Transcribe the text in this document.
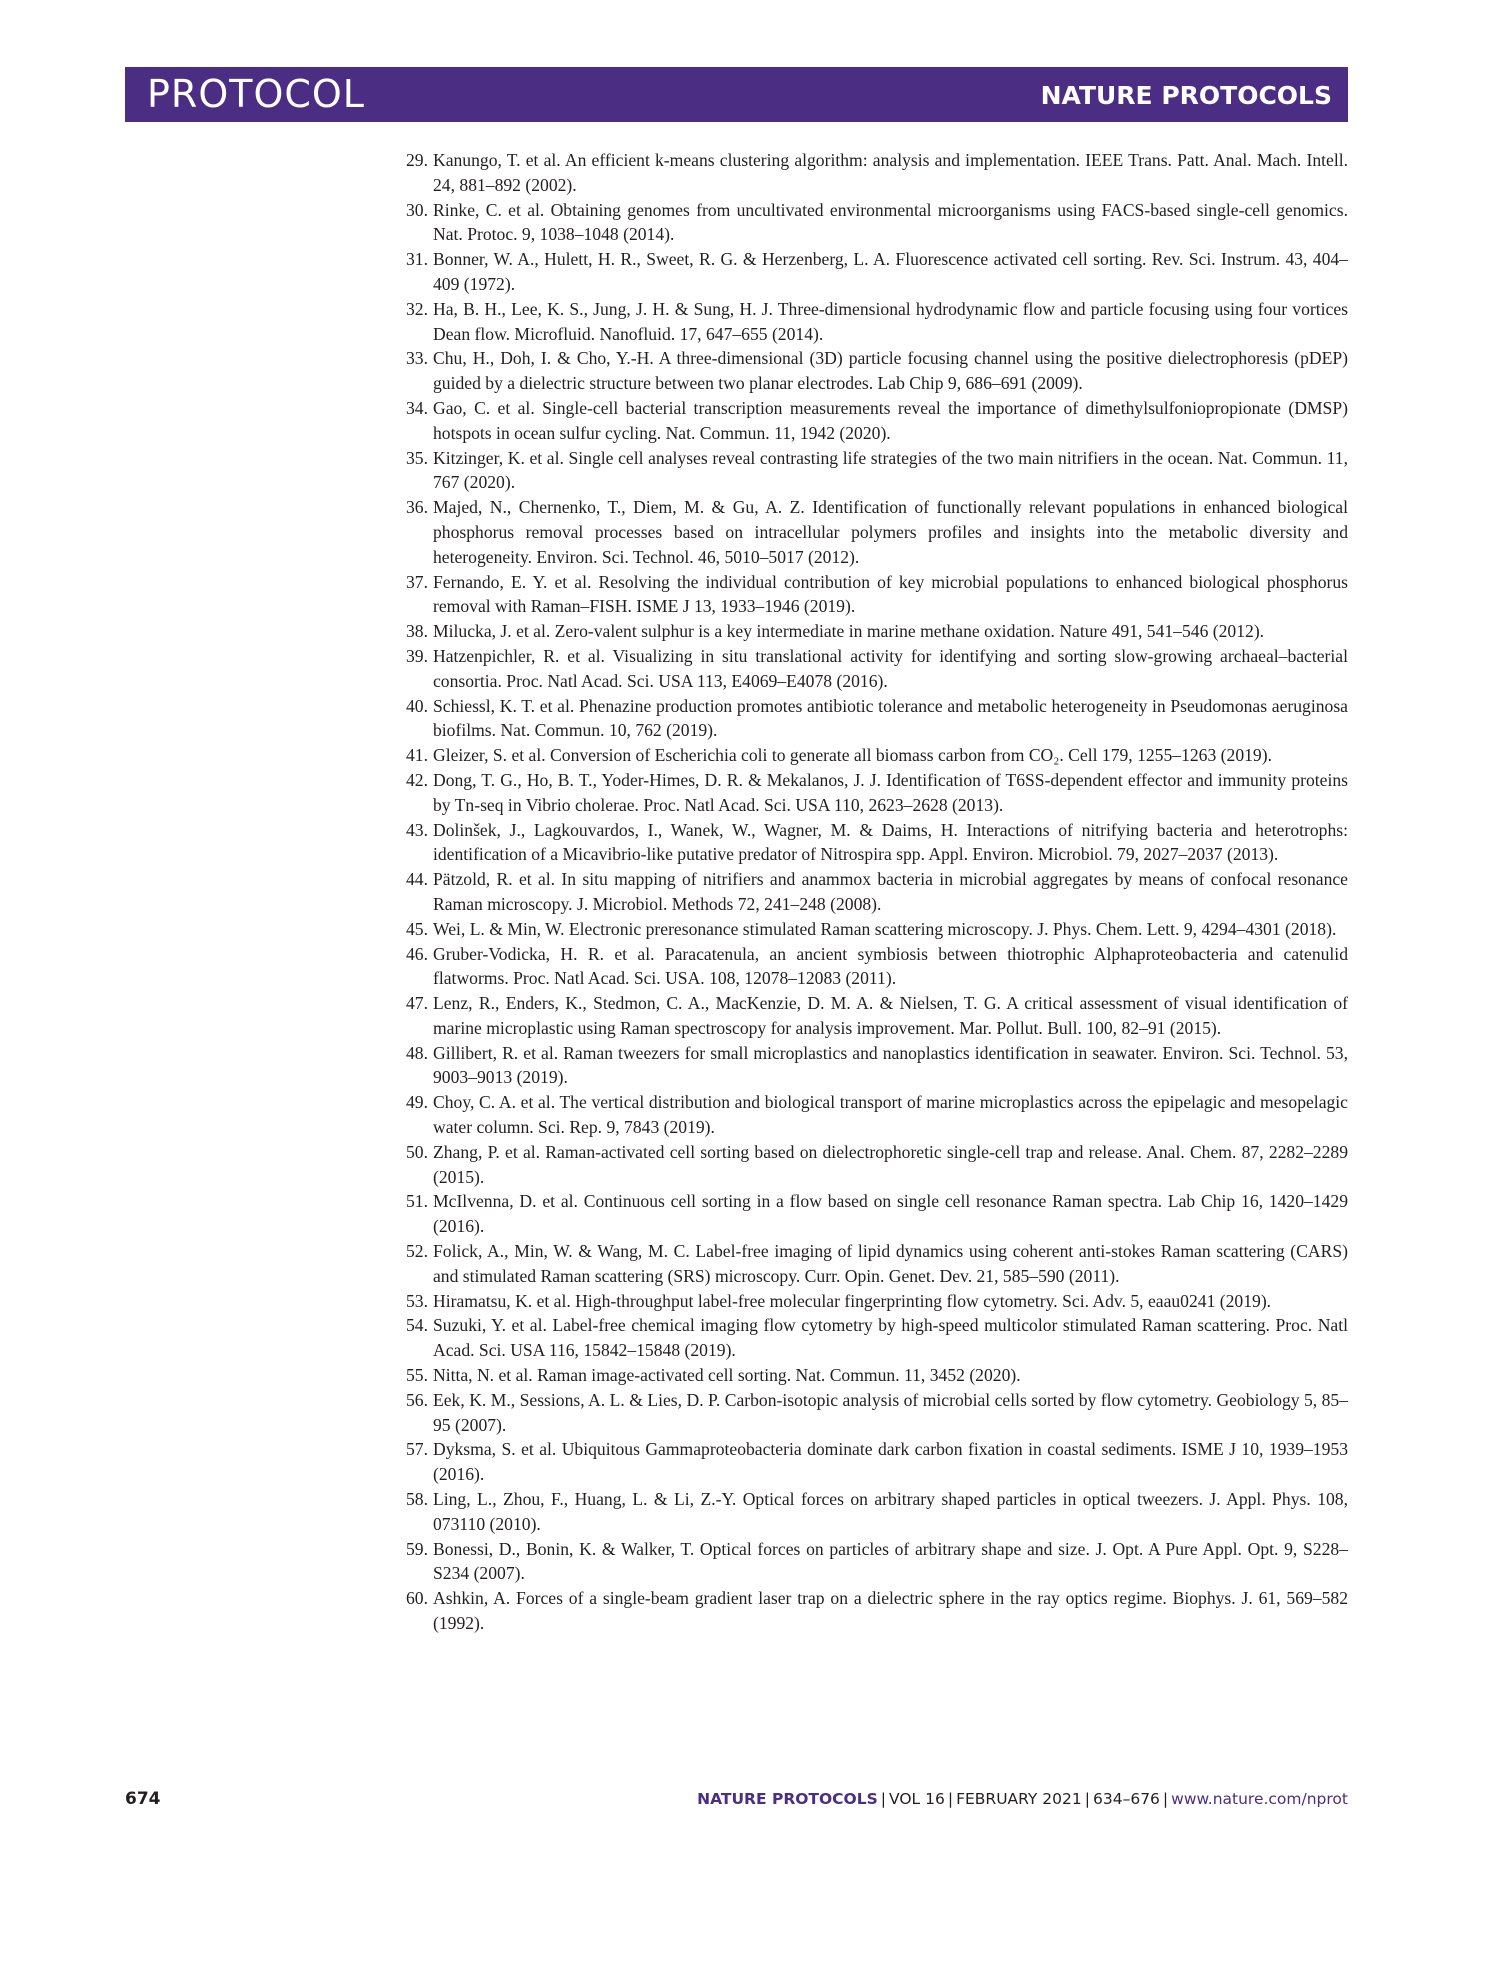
PROTOCOL	NATURE PROTOCOLS
29. Kanungo, T. et al. An efficient k-means clustering algorithm: analysis and implementation. IEEE Trans. Patt. Anal. Mach. Intell. 24, 881–892 (2002).
30. Rinke, C. et al. Obtaining genomes from uncultivated environmental microorganisms using FACS-based single-cell genomics. Nat. Protoc. 9, 1038–1048 (2014).
31. Bonner, W. A., Hulett, H. R., Sweet, R. G. & Herzenberg, L. A. Fluorescence activated cell sorting. Rev. Sci. Instrum. 43, 404–409 (1972).
32. Ha, B. H., Lee, K. S., Jung, J. H. & Sung, H. J. Three-dimensional hydrodynamic flow and particle focusing using four vortices Dean flow. Microfluid. Nanofluid. 17, 647–655 (2014).
33. Chu, H., Doh, I. & Cho, Y.-H. A three-dimensional (3D) particle focusing channel using the positive dielectrophoresis (pDEP) guided by a dielectric structure between two planar electrodes. Lab Chip 9, 686–691 (2009).
34. Gao, C. et al. Single-cell bacterial transcription measurements reveal the importance of dimethylsulfoniopropionate (DMSP) hotspots in ocean sulfur cycling. Nat. Commun. 11, 1942 (2020).
35. Kitzinger, K. et al. Single cell analyses reveal contrasting life strategies of the two main nitrifiers in the ocean. Nat. Commun. 11, 767 (2020).
36. Majed, N., Chernenko, T., Diem, M. & Gu, A. Z. Identification of functionally relevant populations in enhanced biological phosphorus removal processes based on intracellular polymers profiles and insights into the metabolic diversity and heterogeneity. Environ. Sci. Technol. 46, 5010–5017 (2012).
37. Fernando, E. Y. et al. Resolving the individual contribution of key microbial populations to enhanced biological phosphorus removal with Raman–FISH. ISME J 13, 1933–1946 (2019).
38. Milucka, J. et al. Zero-valent sulphur is a key intermediate in marine methane oxidation. Nature 491, 541–546 (2012).
39. Hatzenpichler, R. et al. Visualizing in situ translational activity for identifying and sorting slow-growing archaeal–bacterial consortia. Proc. Natl Acad. Sci. USA 113, E4069–E4078 (2016).
40. Schiessl, K. T. et al. Phenazine production promotes antibiotic tolerance and metabolic heterogeneity in Pseudomonas aeruginosa biofilms. Nat. Commun. 10, 762 (2019).
41. Gleizer, S. et al. Conversion of Escherichia coli to generate all biomass carbon from CO₂. Cell 179, 1255–1263 (2019).
42. Dong, T. G., Ho, B. T., Yoder-Himes, D. R. & Mekalanos, J. J. Identification of T6SS-dependent effector and immunity proteins by Tn-seq in Vibrio cholerae. Proc. Natl Acad. Sci. USA 110, 2623–2628 (2013).
43. Dolinšek, J., Lagkouvardos, I., Wanek, W., Wagner, M. & Daims, H. Interactions of nitrifying bacteria and heterotrophs: identification of a Micavibrio-like putative predator of Nitrospira spp. Appl. Environ. Microbiol. 79, 2027–2037 (2013).
44. Pätzold, R. et al. In situ mapping of nitrifiers and anammox bacteria in microbial aggregates by means of confocal resonance Raman microscopy. J. Microbiol. Methods 72, 241–248 (2008).
45. Wei, L. & Min, W. Electronic preresonance stimulated Raman scattering microscopy. J. Phys. Chem. Lett. 9, 4294–4301 (2018).
46. Gruber-Vodicka, H. R. et al. Paracatenula, an ancient symbiosis between thiotrophic Alphaproteobacteria and catenulid flatworms. Proc. Natl Acad. Sci. USA. 108, 12078–12083 (2011).
47. Lenz, R., Enders, K., Stedmon, C. A., MacKenzie, D. M. A. & Nielsen, T. G. A critical assessment of visual identification of marine microplastic using Raman spectroscopy for analysis improvement. Mar. Pollut. Bull. 100, 82–91 (2015).
48. Gillibert, R. et al. Raman tweezers for small microplastics and nanoplastics identification in seawater. Environ. Sci. Technol. 53, 9003–9013 (2019).
49. Choy, C. A. et al. The vertical distribution and biological transport of marine microplastics across the epipelagic and mesopelagic water column. Sci. Rep. 9, 7843 (2019).
50. Zhang, P. et al. Raman-activated cell sorting based on dielectrophoretic single-cell trap and release. Anal. Chem. 87, 2282–2289 (2015).
51. McIlvenna, D. et al. Continuous cell sorting in a flow based on single cell resonance Raman spectra. Lab Chip 16, 1420–1429 (2016).
52. Folick, A., Min, W. & Wang, M. C. Label-free imaging of lipid dynamics using coherent anti-stokes Raman scattering (CARS) and stimulated Raman scattering (SRS) microscopy. Curr. Opin. Genet. Dev. 21, 585–590 (2011).
53. Hiramatsu, K. et al. High-throughput label-free molecular fingerprinting flow cytometry. Sci. Adv. 5, eaau0241 (2019).
54. Suzuki, Y. et al. Label-free chemical imaging flow cytometry by high-speed multicolor stimulated Raman scattering. Proc. Natl Acad. Sci. USA 116, 15842–15848 (2019).
55. Nitta, N. et al. Raman image-activated cell sorting. Nat. Commun. 11, 3452 (2020).
56. Eek, K. M., Sessions, A. L. & Lies, D. P. Carbon-isotopic analysis of microbial cells sorted by flow cytometry. Geobiology 5, 85–95 (2007).
57. Dyksma, S. et al. Ubiquitous Gammaproteobacteria dominate dark carbon fixation in coastal sediments. ISME J 10, 1939–1953 (2016).
58. Ling, L., Zhou, F., Huang, L. & Li, Z.-Y. Optical forces on arbitrary shaped particles in optical tweezers. J. Appl. Phys. 108, 073110 (2010).
59. Bonessi, D., Bonin, K. & Walker, T. Optical forces on particles of arbitrary shape and size. J. Opt. A Pure Appl. Opt. 9, S228–S234 (2007).
60. Ashkin, A. Forces of a single-beam gradient laser trap on a dielectric sphere in the ray optics regime. Biophys. J. 61, 569–582 (1992).
674	NATURE PROTOCOLS | VOL 16 | FEBRUARY 2021 | 634–676 | www.nature.com/nprot
